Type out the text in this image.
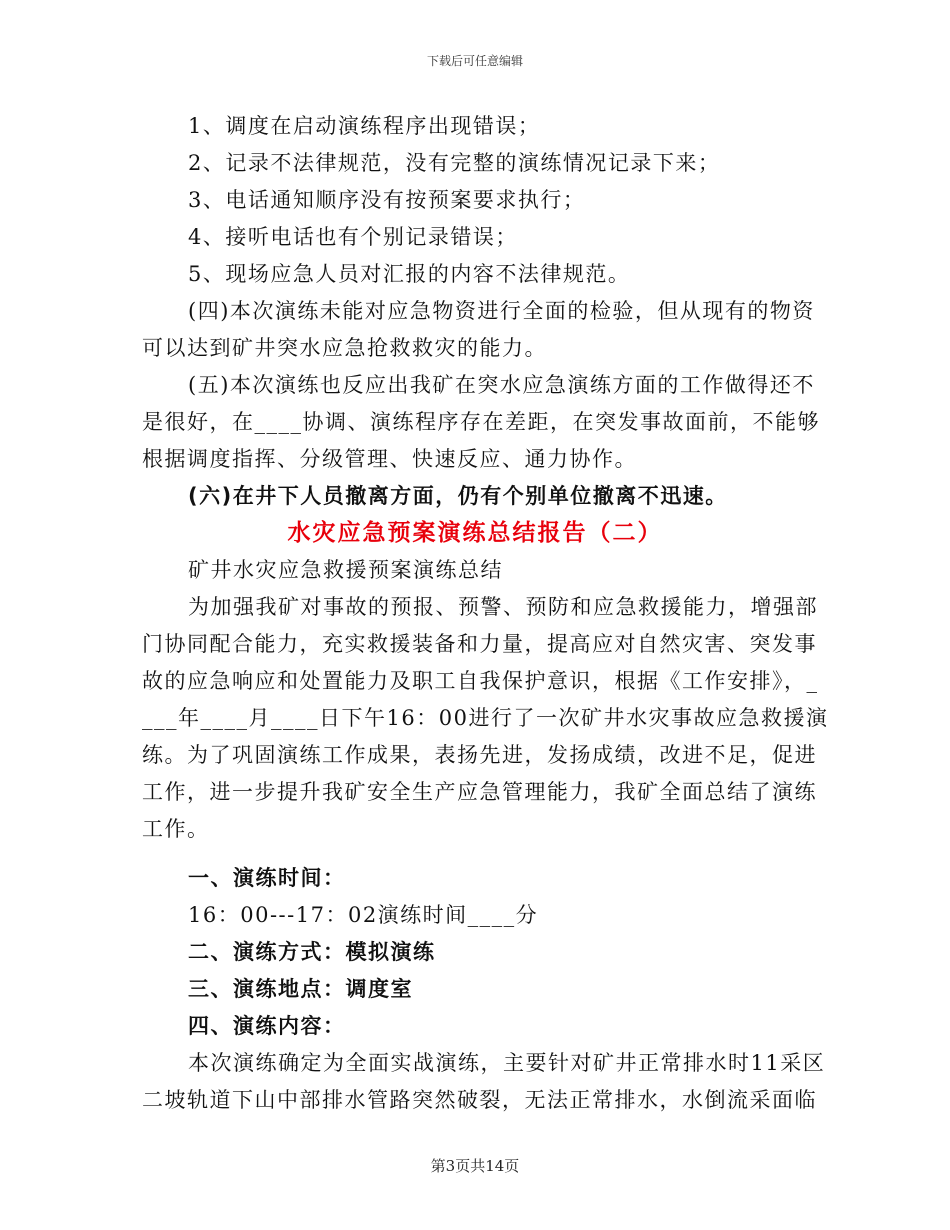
下载后可任意编辑
1、调度在启动演练程序出现错误；
2、记录不法律规范，没有完整的演练情况记录下来；
3、电话通知顺序没有按预案要求执行；
4、接听电话也有个别记录错误；
5、现场应急人员对汇报的内容不法律规范。
(四)本次演练未能对应急物资进行全面的检验，但从现有的物资
可以达到矿井突水应急抢救救灾的能力。
(五)本次演练也反应出我矿在突水应急演练方面的工作做得还不
是很好，在____协调、演练程序存在差距，在突发事故面前，不能够
根据调度指挥、分级管理、快速反应、通力协作。
(六)在井下人员撤离方面，仍有个别单位撤离不迅速。
水灾应急预案演练总结报告（二）
矿井水灾应急救援预案演练总结
为加强我矿对事故的预报、预警、预防和应急救援能力，增强部
门协同配合能力，充实救援装备和力量，提高应对自然灾害、突发事
故的应急响应和处置能力及职工自我保护意识，根据《工作安排》，_
___年____月____日下午16：00进行了一次矿井水灾事故应急救援演
练。为了巩固演练工作成果，表扬先进，发扬成绩，改进不足，促进
工作，进一步提升我矿安全生产应急管理能力，我矿全面总结了演练
工作。
一、演练时间：
16：00---17：02演练时间____分
二、演练方式：模拟演练
三、演练地点：调度室
四、演练内容：
本次演练确定为全面实战演练，主要针对矿井正常排水时11采区
二坡轨道下山中部排水管路突然破裂，无法正常排水，水倒流采面临
第3页共14页
